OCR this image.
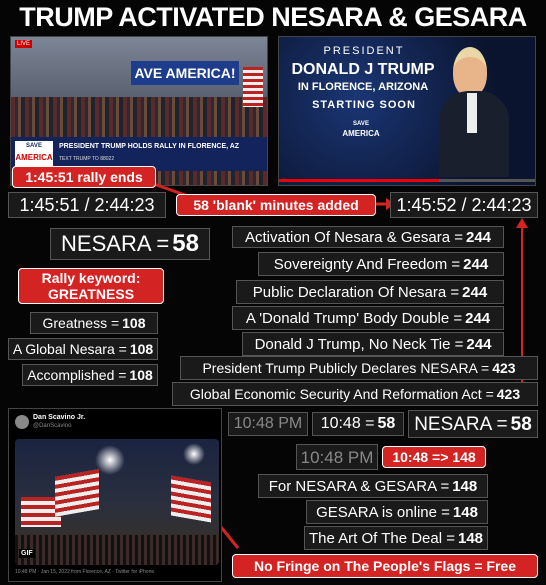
TRUMP ACTIVATED NESARA & GESARA
LIVE
AVE AMERICA!
SAVE
AMERICA
PRESIDENT TRUMP HOLDS RALLY IN FLORENCE, AZ
TEXT TRUMP TO 88022
PRESIDENT
DONALD J TRUMP
IN FLORENCE, ARIZONA
STARTING SOON
SAVE
AMERICA
1:45:51 rally ends
1:45:51 / 2:44:23	58 'blank' minutes added	1:45:52 / 2:44: 23
NESARA = 58
Rally keyword:
GREATNESS
Greatness = 108
A Global Nesara = 108
Accomplished = 108
Activation Of Nesara & Gesara = 244
Sovereignty And Freedom = 244
Public Declaration Of Nesara = 244
A 'Donald Trump' Body Double = 244
Donald J Trump, No Neck Tie = 244
President Trump Publicly Declares NESARA = 423
Global Economic Security And Reformation Act = 423
Dan Scavino Jr.
@DanScavino
GIF
10:48 PM · Jan 15, 2022 from Florence, AZ · Twitter for iPhone
10:48 PM	10:48 = 58 NESARA = 58
10:48 PM	10:48 => 148
For NESARA & GESARA = 148
GESARA is online = 148
The Art Of The Deal = 148
No Fringe on The People's Flags = Free
